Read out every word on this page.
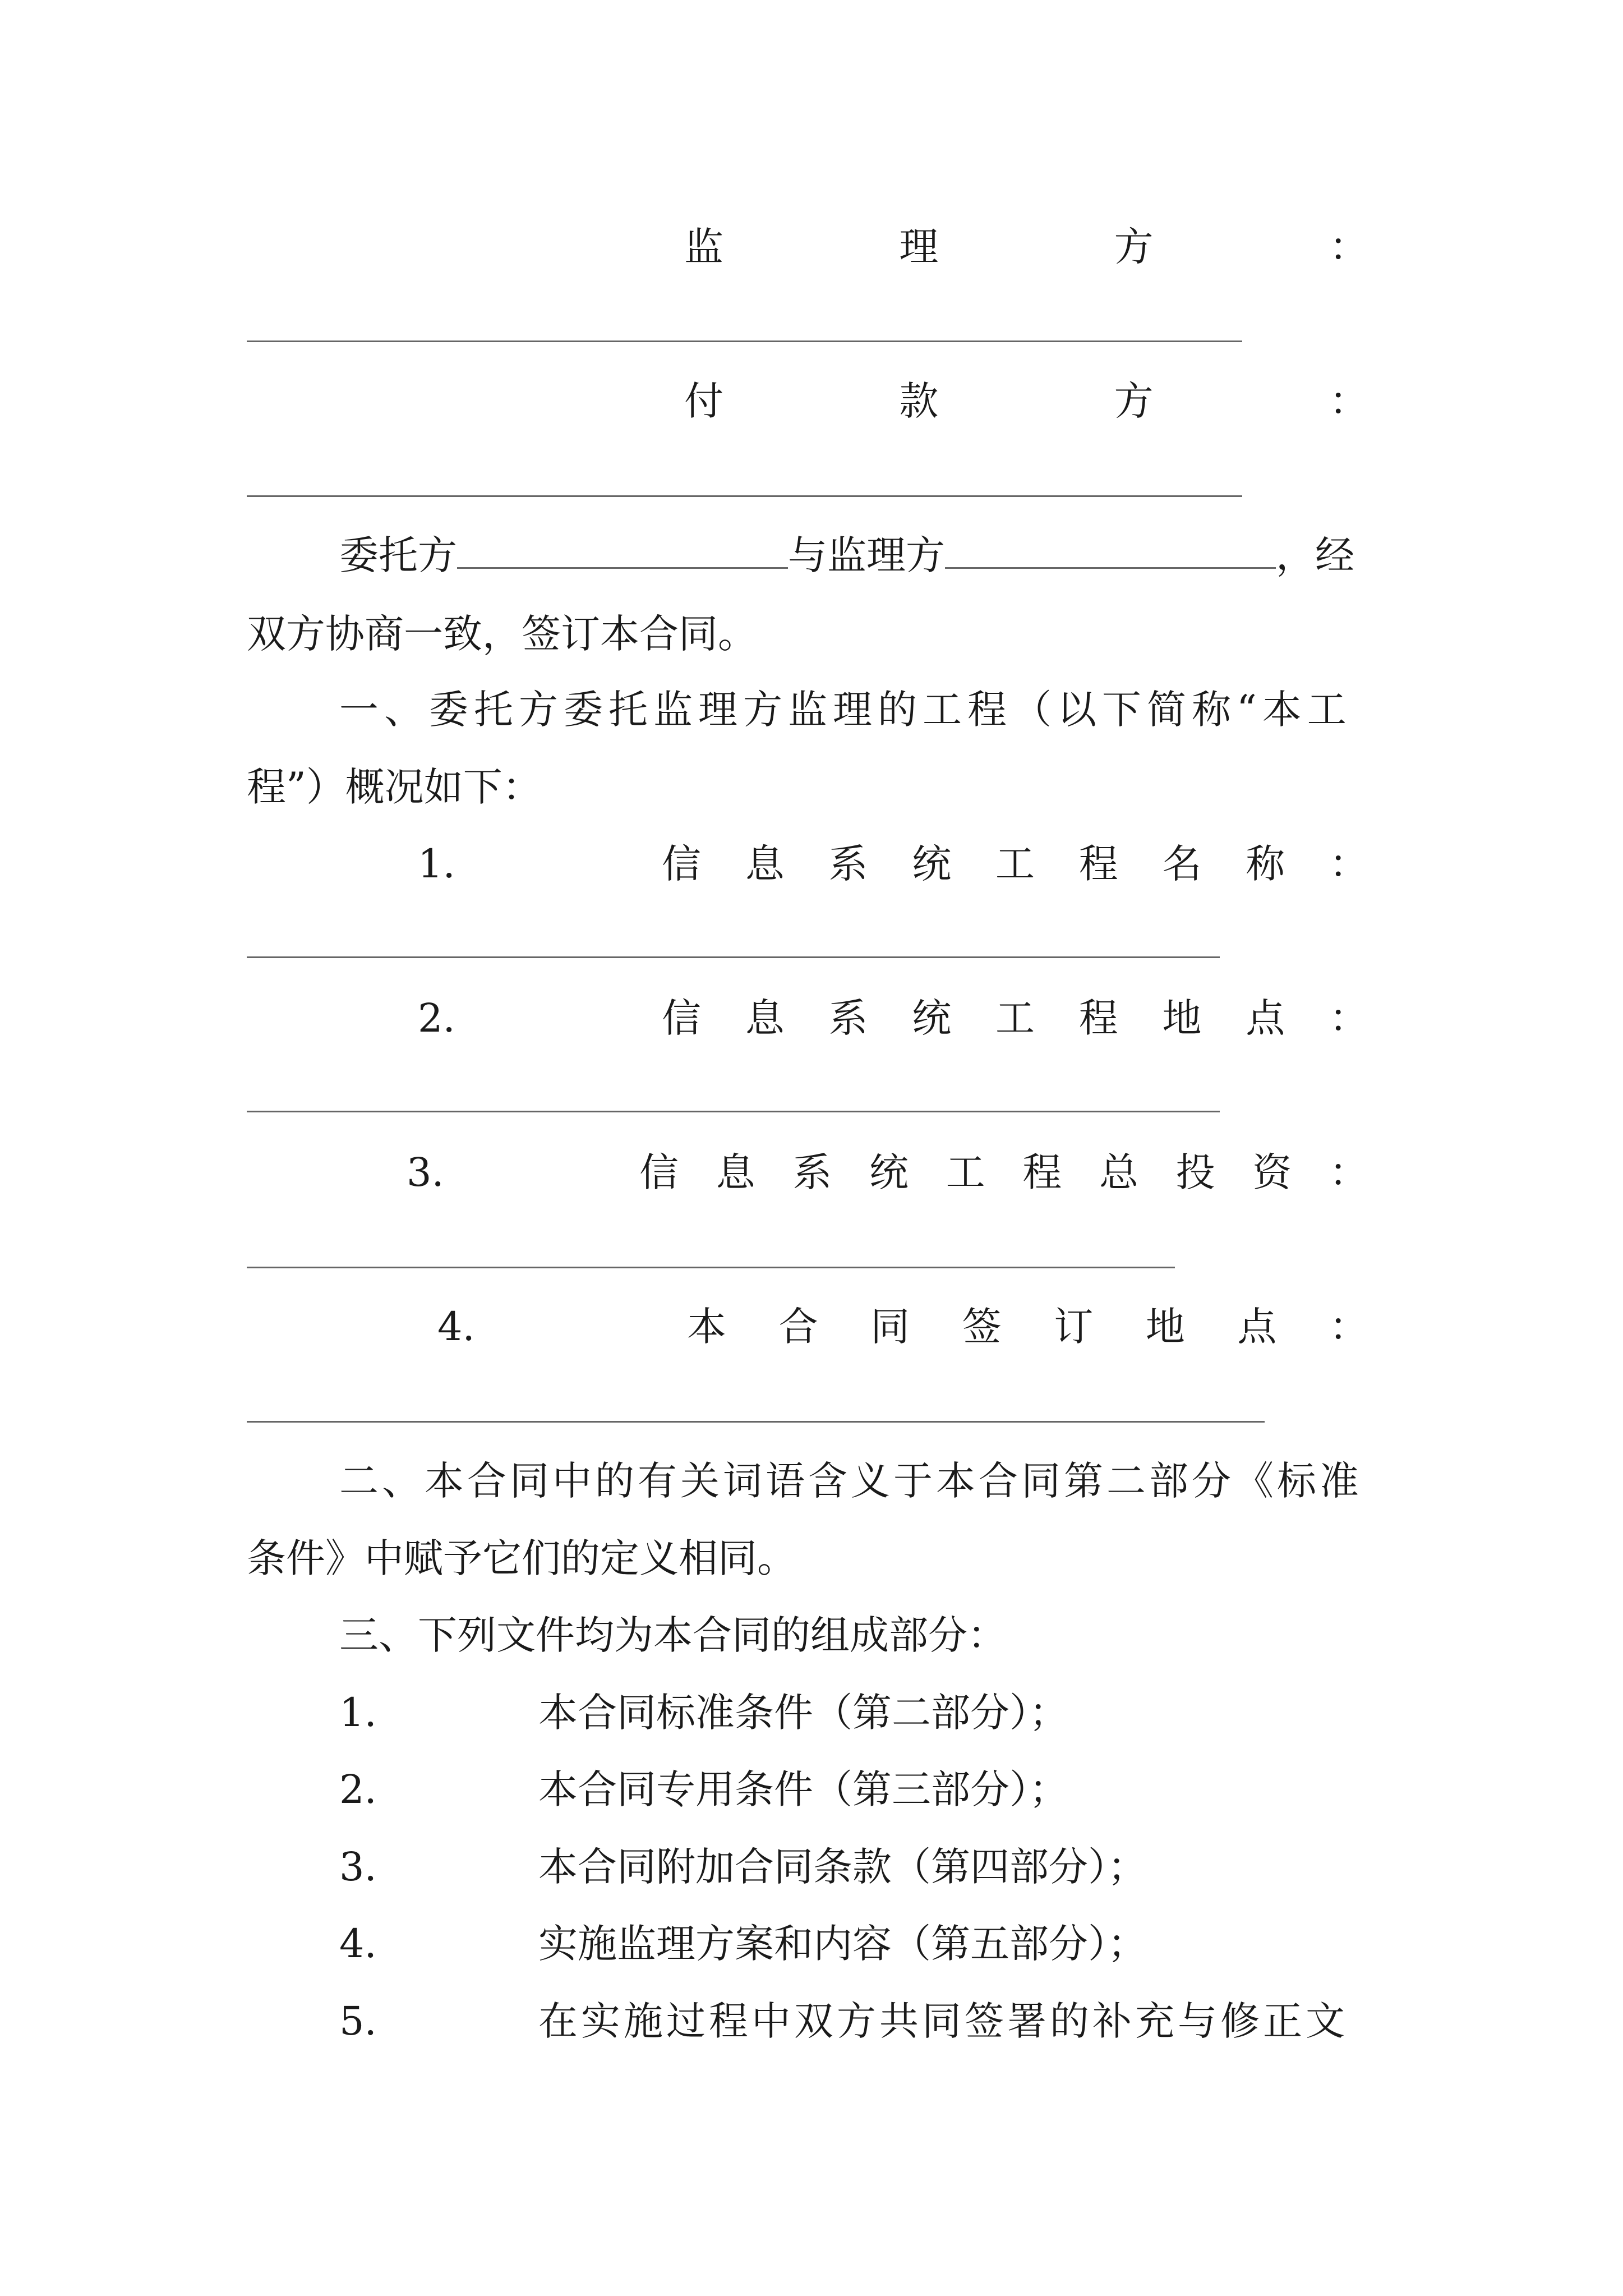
监	理	方	：
付	款	方	：
委托方	与监理方	，经
双方协商一致，签订本合同。
一、委托方委托监理方监理的工程（以下简称“本工
程”）概况如下：
1.	信 息 系 统 工 程 名 称 ：
2.	信 息 系 统 工 程 地 点 ：
3.	信 息 系 统 工 程 总 投 资 ：
4.	本 合 同 签 订 地 点 ：
二、本合同中的有关词语含义于本合同第二部分《标准
条件》中赋予它们的定义相同。
三、下列文件均为本合同的组成部分：
1.	本合同标准条件（第二部分）；
2.	本合同专用条件（第三部分）；
3.	本合同附加合同条款（第四部分）；
4.	实施监理方案和内容（第五部分）；
5.	在实施过程中双方共同签署的补充与修正文
